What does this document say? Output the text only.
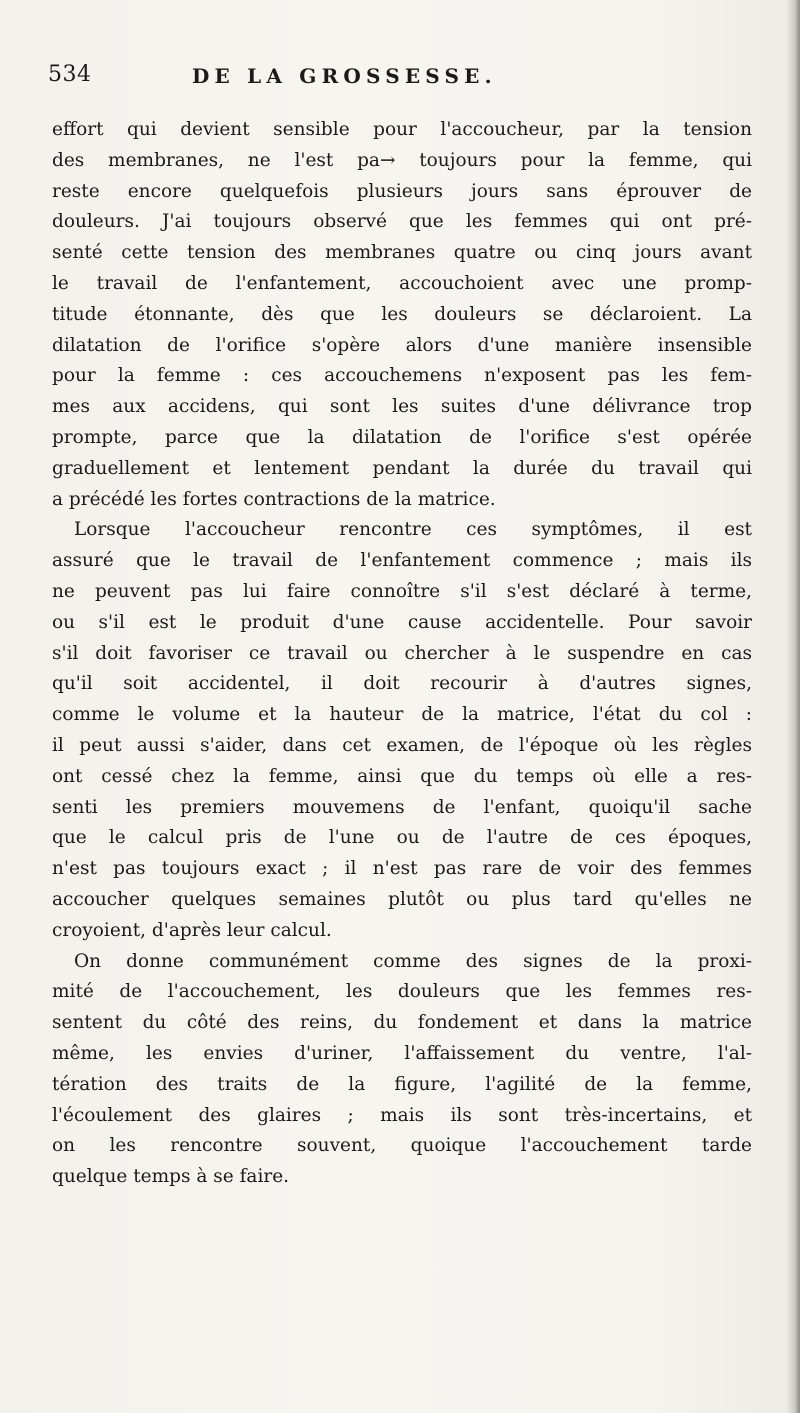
534	DE LA GROSSESSE.

effort qui devient sensible pour l'accoucheur, par la tension

des membranes, ne l'est pa→ toujours pour la femme, qui

reste encore quelquefois plusieurs jours sans éprouver de

douleurs. J'ai toujours observé que les femmes qui ont pré-

senté cette tension des membranes quatre ou cinq jours avant

le travail de l'enfantement, accouchoient avec une promp-

titude étonnante, dès que les douleurs se déclaroient. La

dilatation de l'orifice s'opère alors d'une manière insensible

pour la femme : ces accouchemens n'exposent pas les fem-

mes aux accidens, qui sont les suites d'une délivrance trop

prompte, parce que la dilatation de l'orifice s'est opérée

graduellement et lentement pendant la durée du travail qui

a précédé les fortes contractions de la matrice.

Lorsque l'accoucheur rencontre ces symptômes, il est

assuré que le travail de l'enfantement commence ; mais ils

ne peuvent pas lui faire connoître s'il s'est déclaré à terme,

ou s'il est le produit d'une cause accidentelle. Pour savoir

s'il doit favoriser ce travail ou chercher à le suspendre en cas

qu'il soit accidentel, il doit recourir à d'autres signes,

comme le volume et la hauteur de la matrice, l'état du col :

il peut aussi s'aider, dans cet examen, de l'époque où les règles

ont cessé chez la femme, ainsi que du temps où elle a res-

senti les premiers mouvemens de l'enfant, quoiqu'il sache

que le calcul pris de l'une ou de l'autre de ces époques,

n'est pas toujours exact ; il n'est pas rare de voir des femmes

accoucher quelques semaines plutôt ou plus tard qu'elles ne

croyoient, d'après leur calcul.

On donne communément comme des signes de la proxi-

mité de l'accouchement, les douleurs que les femmes res-

sentent du côté des reins, du fondement et dans la matrice

même, les envies d'uriner, l'affaissement du ventre, l'al-

tération des traits de la figure, l'agilité de la femme,

l'écoulement des glaires ; mais ils sont très-incertains, et

on les rencontre souvent, quoique l'accouchement tarde

quelque temps à se faire.
